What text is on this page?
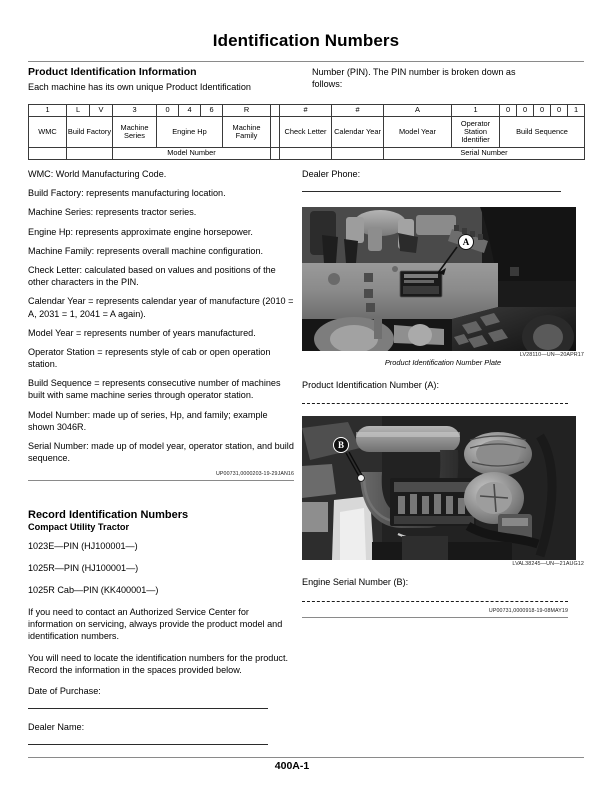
Identification Numbers
Product Identification Information

Each machine has its own unique Product Identification

Number (PIN). The PIN number is broken down as

follows:

1	L	V	3	0	4	6	R		#	#	A	1	0	0	0	0	1
WMC	Build Factory		Machine Series	Engine Hp			Machine Family		Check Letter	Calendar Year	Model Year	Operator Station Identifier	Build Sequence				
			Model Number								Serial Number						

WMC: World Manufacturing Code.

Build Factory: represents manufacturing location.

Machine Series: represents tractor series.

Engine Hp: represents approximate engine horsepower.

Machine Family: represents overall machine configuration.

Check Letter: calculated based on values and positions of the other characters in the PIN.

Calendar Year = represents calendar year of manufacture (2010 = A, 2031 = 1, 2041 = A again).

Model Year = represents number of years manufactured.

Operator Station = represents style of cab or open operation station.

Build Sequence = represents consecutive number of machines built with same machine series through operator station.

Model Number: made up of series, Hp, and family; example shown 3046R.

Serial Number: made up of model year, operator station, and build sequence.

UP00731,0000203-19-29JAN16
Record Identification Numbers
Compact Utility Tractor

1023E—PIN (HJ100001—)

1025R—PIN (HJ100001—)

1025R Cab—PIN (KK400001—)

If you need to contact an Authorized Service Center for information on servicing, always provide the product model and identification numbers.

You will need to locate the identification numbers for the product. Record the information in the spaces provided below.

Date of Purchase:

Dealer Name:

Dealer Phone:

A
LV28110—UN—20APR17
Product Identification Number Plate

Product Identification Number (A):

B
LVAL38245—UN—21AUG12

Engine Serial Number (B):

UP00731,0000918-19-08MAY19
400A-1
